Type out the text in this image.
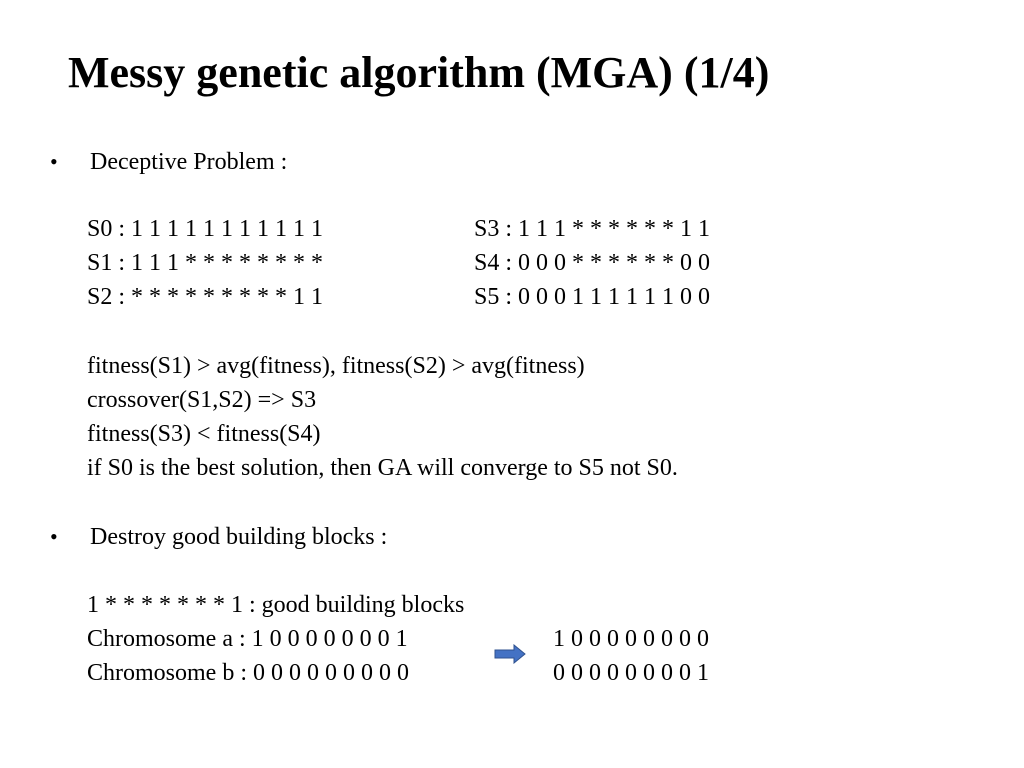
Messy genetic algorithm (MGA) (1/4)
• Deceptive Problem :
S0 : 1 1 1 1 1 1 1 1 1 1 1
S1 : 1 1 1 * * * * * * * *
S2 : * * * * * * * * * 1 1
S3 : 1 1 1 * * * * * * 1 1
S4 : 0 0 0 * * * * * * 0 0
S5 : 0 0 0 1 1 1 1 1 1 0 0
fitness(S1) > avg(fitness), fitness(S2) > avg(fitness)
crossover(S1,S2) => S3
fitness(S3) < fitness(S4)
if S0 is the best solution, then GA will converge to S5 not S0.
• Destroy good building blocks :
1 * * * * * * * 1 : good building blocks
Chromosome a : 1 0 0 0 0 0 0 0 1
Chromosome b : 0 0 0 0 0 0 0 0 0
1 0 0 0 0 0 0 0 0
0 0 0 0 0 0 0 0 1
